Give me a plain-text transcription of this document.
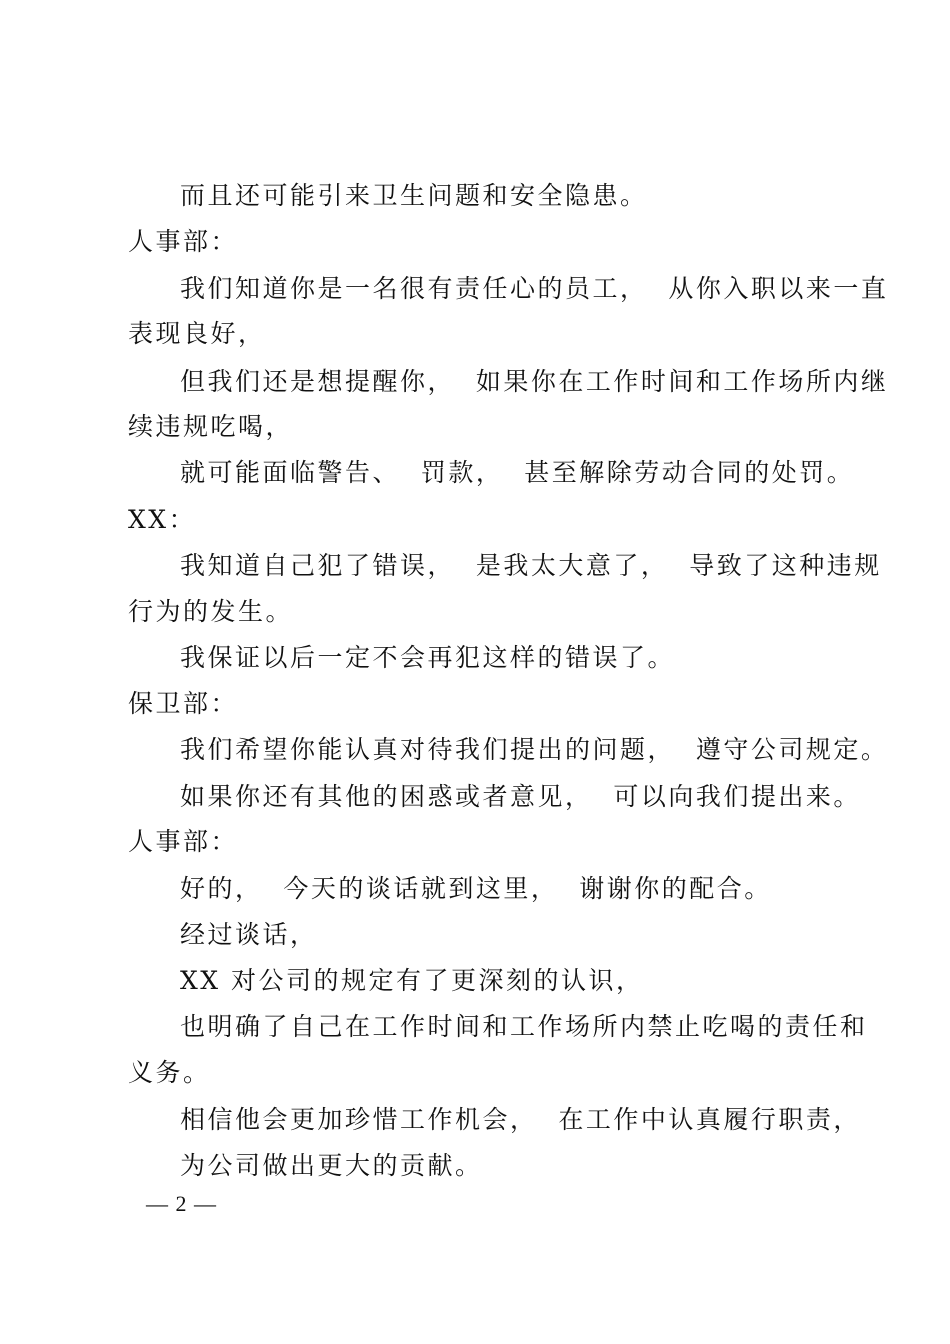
而且还可能引来卫生问题和安全隐患。
人事部：
我们知道你是一名很有责任心的员工，  从你入职以来一直
表现良好，
但我们还是想提醒你，  如果你在工作时间和工作场所内继
续违规吃喝，
就可能面临警告、  罚款，  甚至解除劳动合同的处罚。
XX：
我知道自己犯了错误，  是我太大意了，  导致了这种违规
行为的发生。
我保证以后一定不会再犯这样的错误了。
保卫部：
我们希望你能认真对待我们提出的问题，  遵守公司规定。
如果你还有其他的困惑或者意见，  可以向我们提出来。
人事部：
好的，  今天的谈话就到这里，  谢谢你的配合。
经过谈话，
XX 对公司的规定有了更深刻的认识，
也明确了自己在工作时间和工作场所内禁止吃喝的责任和
义务。
相信他会更加珍惜工作机会，  在工作中认真履行职责，
为公司做出更大的贡献。
— 2 —
